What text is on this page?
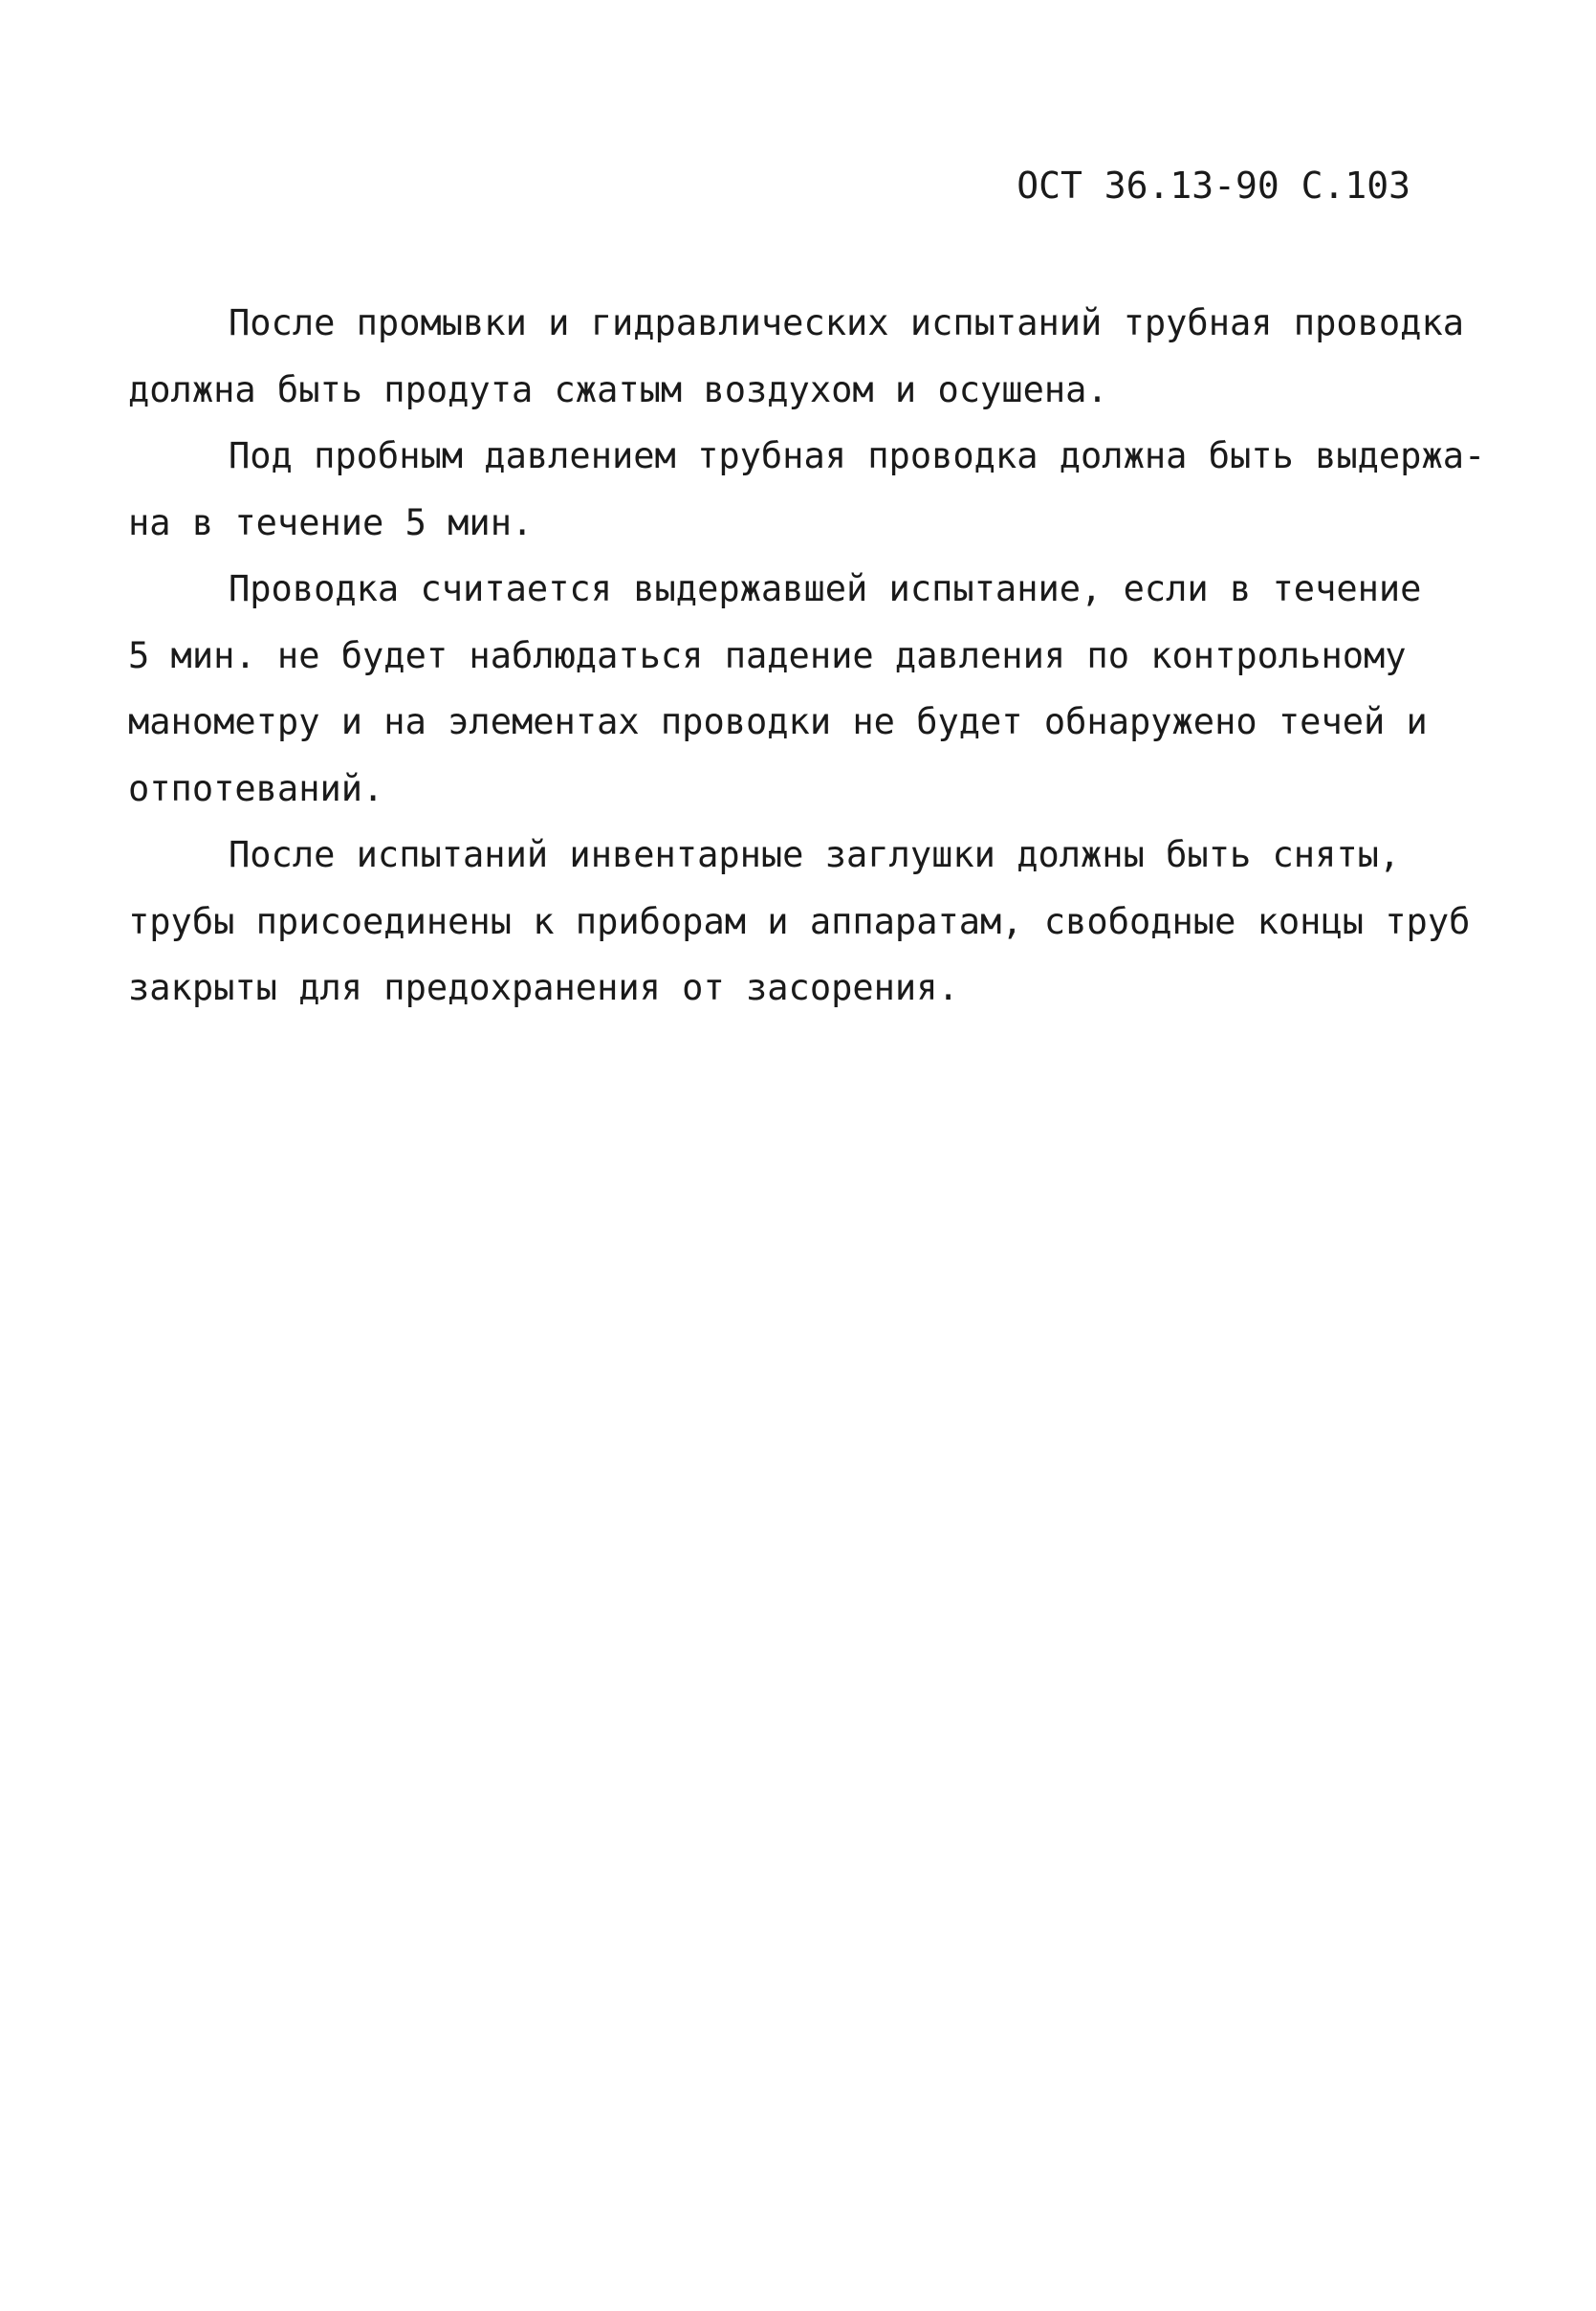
ОСТ 36.13-90 С.103
После промывки и гидравлических испытаний трубная проводка
должна быть продута сжатым воздухом и осушена.
Под пробным давлением трубная проводка должна быть выдержа-
на в течение 5 мин.
Проводка считается выдержавшей испытание, если в течение
5 мин. не будет наблюдаться падение давления по контрольному
манометру и на элементах проводки не будет обнаружено течей и
отпотеваний.
После испытаний инвентарные заглушки должны быть сняты,
трубы присоединены к приборам и аппаратам, свободные концы труб
закрыты для предохранения от засорения.
